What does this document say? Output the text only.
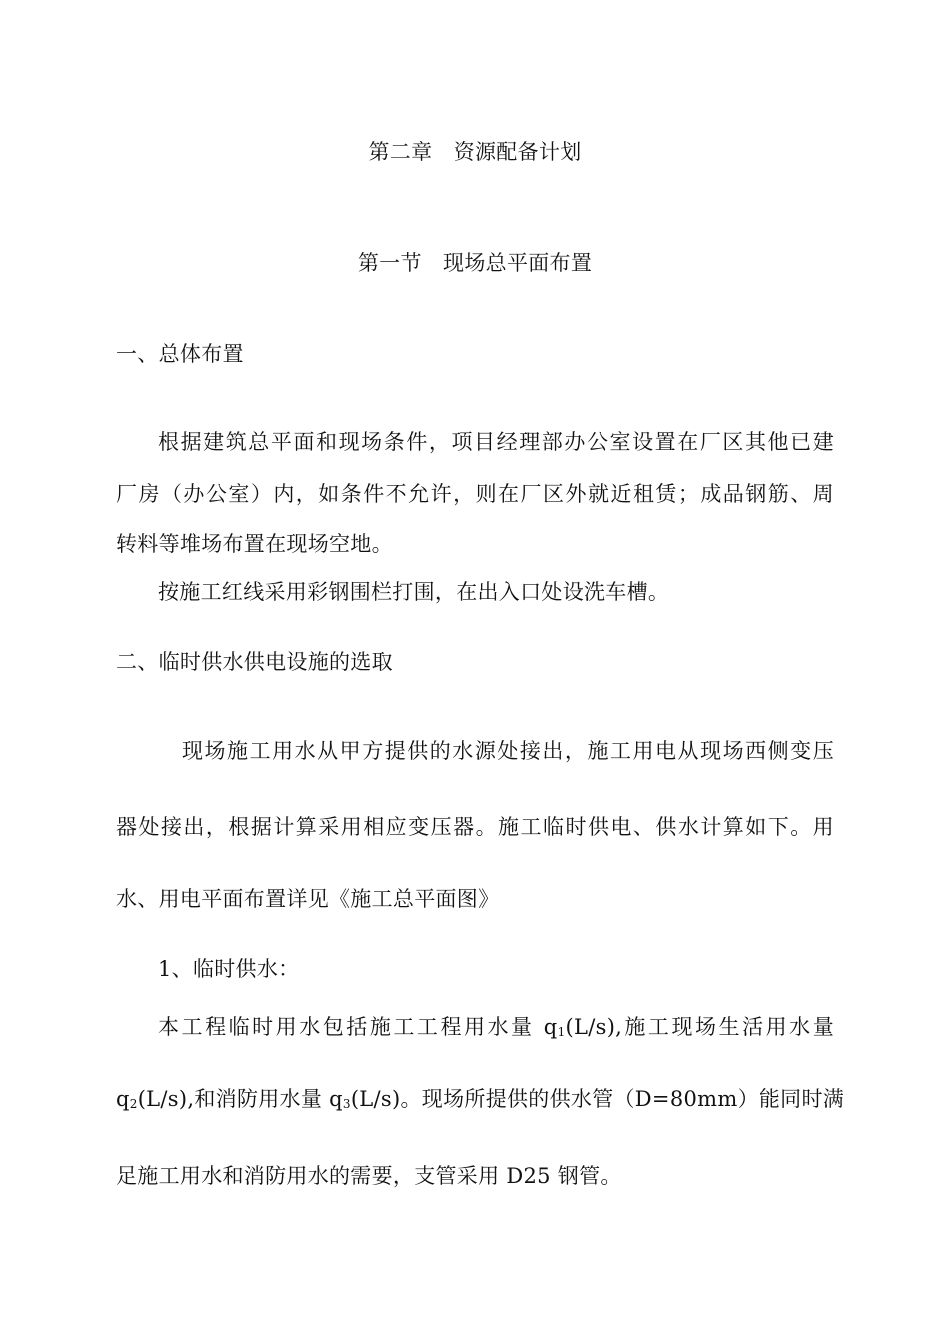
第二章　资源配备计划
第一节　现场总平面布置
一、总体布置
根据建筑总平面和现场条件，项目经理部办公室设置在厂区其他已建
厂房（办公室）内，如条件不允许，则在厂区外就近租赁；成品钢筋、周
转料等堆场布置在现场空地。
按施工红线采用彩钢围栏打围，在出入口处设洗车槽。
二、临时供水供电设施的选取
现场施工用水从甲方提供的水源处接出，施工用电从现场西侧变压
器处接出，根据计算采用相应变压器。施工临时供电、供水计算如下。用
水、用电平面布置详见《施工总平面图》
1、临时供水：
本工程临时用水包括施工工程用水量 $q_1(L/s)$,施工现场生活用水量
$q_2(L/s)$,和消防用水量 $q_3(L/s)$。现场所提供的供水管（D=80mm）能同时满
足施工用水和消防用水的需要，支管采用 D25 钢管。
